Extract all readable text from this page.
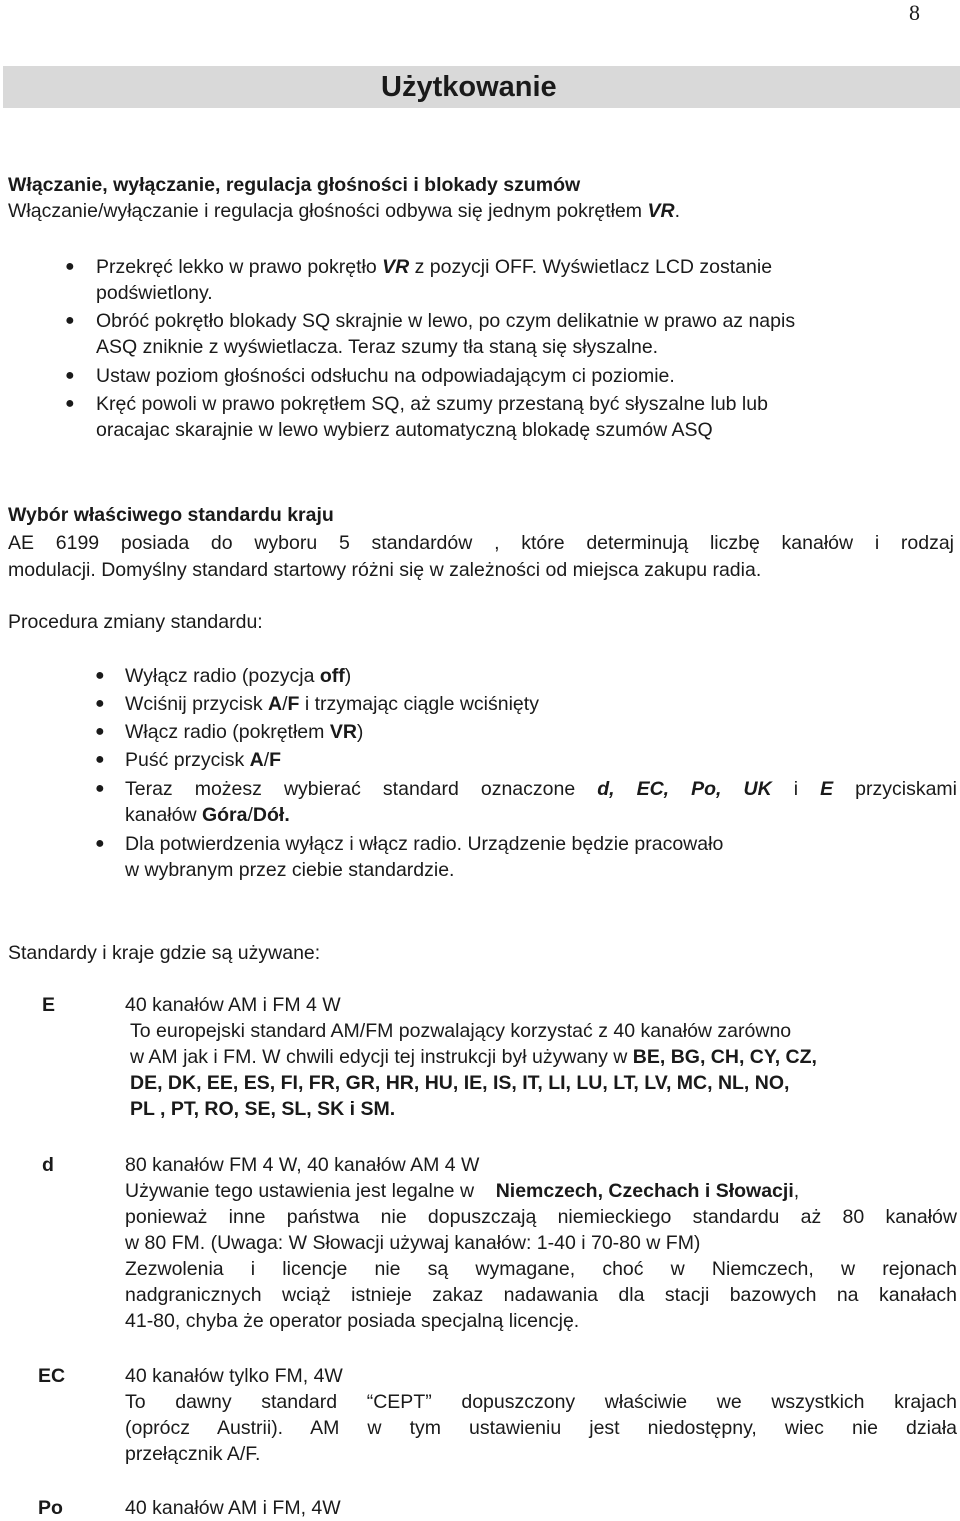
8
Użytkowanie
Włączanie, wyłączanie, regulacja głośności i blokady szumów
Włączanie/wyłączanie i regulacja głośności odbywa się jednym pokrętłem VR.
● Przekręć lekko w prawo pokrętło VR z pozycji OFF. Wyświetlacz LCD zostanie
podświetlony.
● Obróć pokrętło blokady SQ skrajnie w lewo, po czym delikatnie w prawo az napis
ASQ zniknie z wyświetlacza. Teraz szumy tła staną się słyszalne.
● Ustaw poziom głośności odsłuchu na odpowiadającym ci poziomie.
● Kręć powoli w prawo pokrętłem SQ, aż szumy przestaną być słyszalne lub lub
oracajac skarajnie w lewo wybierz automatyczną blokadę szumów ASQ
Wybór właściwego standardu kraju
AE 6199 posiada do wyboru 5 standardów , które determinują liczbę kanałów i rodzaj
modulacji. Domyślny standard startowy różni się w zależności od miejsca zakupu radia.
Procedura zmiany standardu:
● Wyłącz radio (pozycja off)
● Wciśnij przycisk A/F i trzymając ciągle wciśnięty
● Włącz radio (pokrętłem VR)
● Puść przycisk A/F
● Teraz możesz wybierać standard oznaczone d, EC, Po, UK i E przyciskami
kanałów Góra/Dół.
● Dla potwierdzenia wyłącz i włącz radio. Urządzenie będzie pracowało
w wybranym przez ciebie standardzie.
Standardy i kraje gdzie są używane:
E	40 kanałów AM i FM 4 W
To europejski standard AM/FM pozwalający korzystać z 40 kanałów zarówno
w AM jak i FM. W chwili edycji tej instrukcji był używany w BE, BG, CH, CY, CZ,
DE, DK, EE, ES, FI, FR, GR, HR, HU, IE, IS, IT, LI, LU, LT, LV, MC, NL, NO,
PL , PT, RO, SE, SL, SK i SM.
d	80 kanałów FM 4 W, 40 kanałów AM 4 W
Używanie tego ustawienia jest legalne w Niemczech, Czechach i Słowacji,
ponieważ inne państwa nie dopuszczają niemieckiego standardu aż 80 kanałów
w 80 FM. (Uwaga: W Słowacji używaj kanałów: 1-40 i 70-80 w FM)
Zezwolenia i licencje nie są wymagane, choć w Niemczech, w rejonach
nadgranicznych wciąż istnieje zakaz nadawania dla stacji bazowych na kanałach
41-80, chyba że operator posiada specjalną licencję.
EC	40 kanałów tylko FM, 4W
To dawny standard “CEPT” dopuszczony właściwie we wszystkich krajach
(oprócz Austrii). AM w tym ustawieniu jest niedostępny, wiec nie działa
przełącznik A/F.
Po	40 kanałów AM i FM, 4W
